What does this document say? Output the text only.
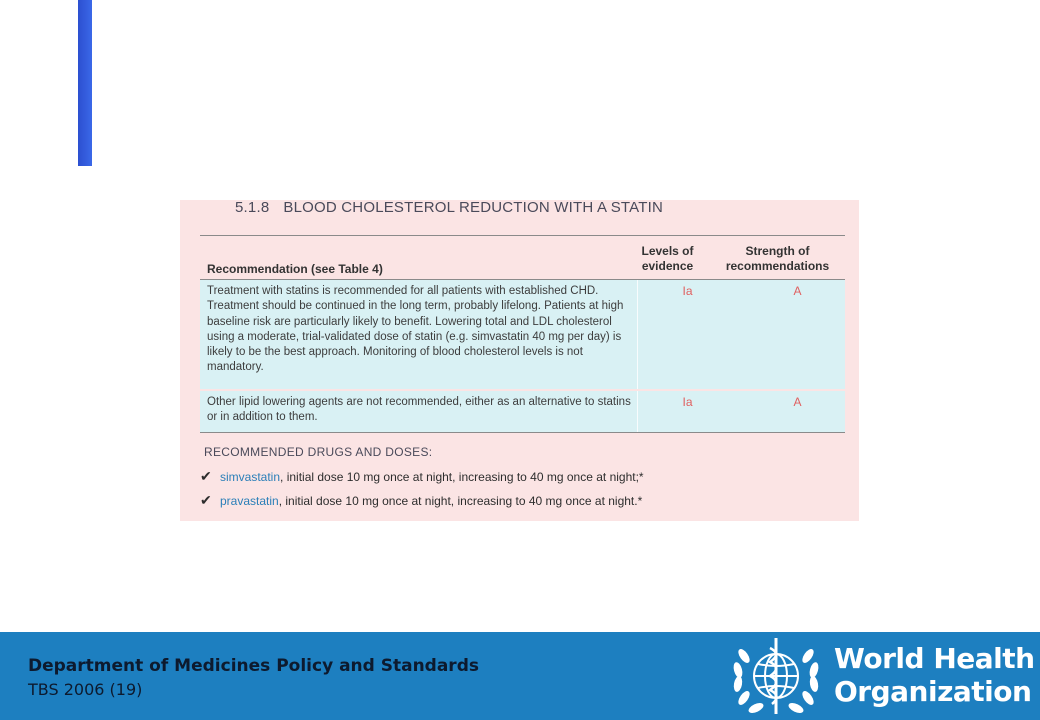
5.1.8 BLOOD CHOLESTEROL REDUCTION WITH A STATIN
Recommendation (see Table 4)
Levels of evidence
Strength of recommendations
Treatment with statins is recommended for all patients with established CHD. Treatment should be continued in the long term, probably lifelong. Patients at high baseline risk are particularly likely to benefit. Lowering total and LDL cholesterol using a moderate, trial-validated dose of statin (e.g. simvastatin 40 mg per day) is likely to be the best approach. Monitoring of blood cholesterol levels is not mandatory.
Ia	A
Other lipid lowering agents are not recommended, either as an alternative to statins or in addition to them.
Ia	A
RECOMMENDED DRUGS AND DOSES:
✔ simvastatin, initial dose 10 mg once at night, increasing to 40 mg once at night;*
✔ pravastatin, initial dose 10 mg once at night, increasing to 40 mg once at night.*
Department of Medicines Policy and Standards
TBS 2006 (19)
World Health
Organization
